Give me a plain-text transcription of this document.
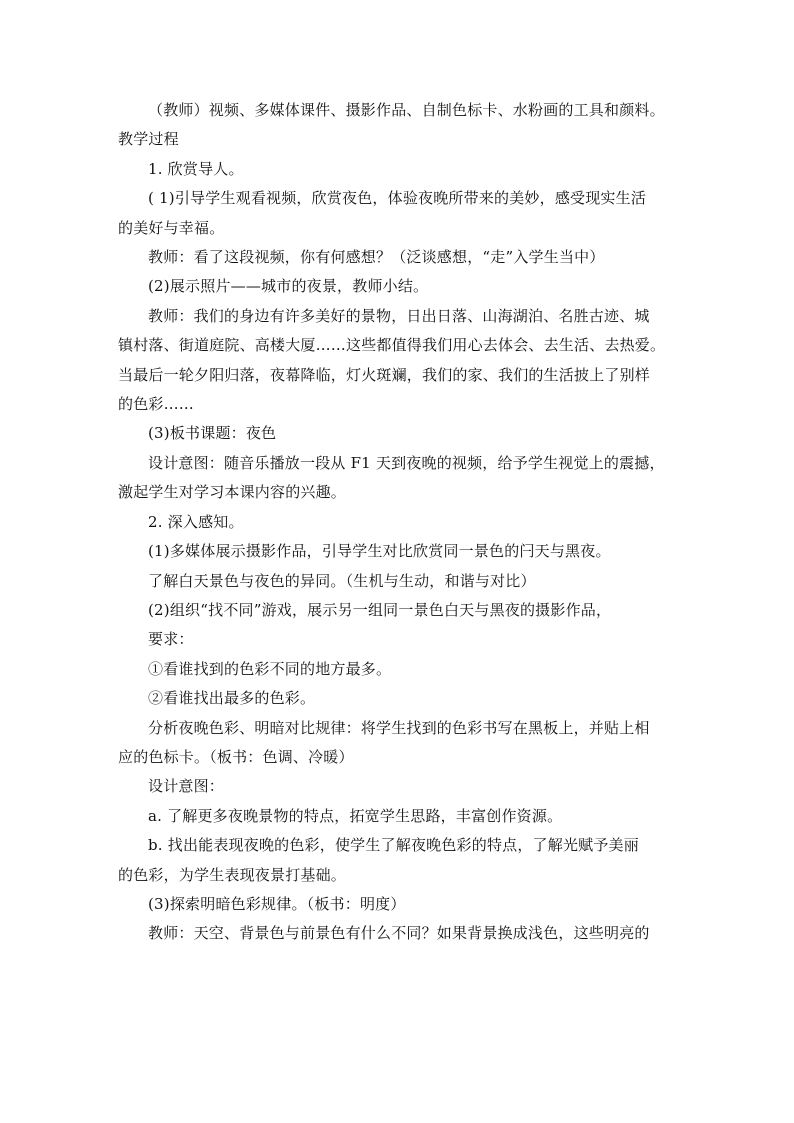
（教师）视频、多媒体课件、摄影作品、自制色标卡、水粉画的工具和颜料。

教学过程

1. 欣赏导人。

( 1)引导学生观看视频，欣赏夜色，体验夜晚所带来的美妙，感受现实生活

的美好与幸福。

教师：看了这段视频，你有何感想？（泛谈感想，“走”入学生当中）

(2)展示照片——城市的夜景，教师小结。

教师：我们的身边有许多美好的景物，日出日落、山海湖泊、名胜古迹、城

镇村落、街道庭院、高楼大厦……这些都值得我们用心去体会、去生活、去热爱。

当最后一轮夕阳归落，夜幕降临，灯火斑斓，我们的家、我们的生活披上了别样

的色彩……

(3)板书课题：夜色

设计意图：随音乐播放一段从 F1 天到夜晚的视频，给予学生视觉上的震撼，

激起学生对学习本课内容的兴趣。

2. 深入感知。

(1)多媒体展示摄影作品，引导学生对比欣赏同一景色的闩天与黑夜。

了解白天景色与夜色的异同。（生机与生动，和谐与对比）

(2)组织“找不同”游戏，展示另一组同一景色白天与黑夜的摄影作品，

要求：

①看谁找到的色彩不同的地方最多。

②看谁找出最多的色彩。

分析夜晚色彩、明暗对比规律：将学生找到的色彩书写在黑板上，并贴上相

应的色标卡。（板书：色调、冷暖）

设计意图：

a. 了解更多夜晚景物的特点，拓宽学生思路，丰富创作资源。

b. 找出能表现夜晚的色彩，使学生了解夜晚色彩的特点，了解光赋予美丽

的色彩，为学生表现夜景打基础。

(3)探索明暗色彩规律。（板书：明度）

教师：天空、背景色与前景色有什么不同？如果背景换成浅色，这些明亮的
